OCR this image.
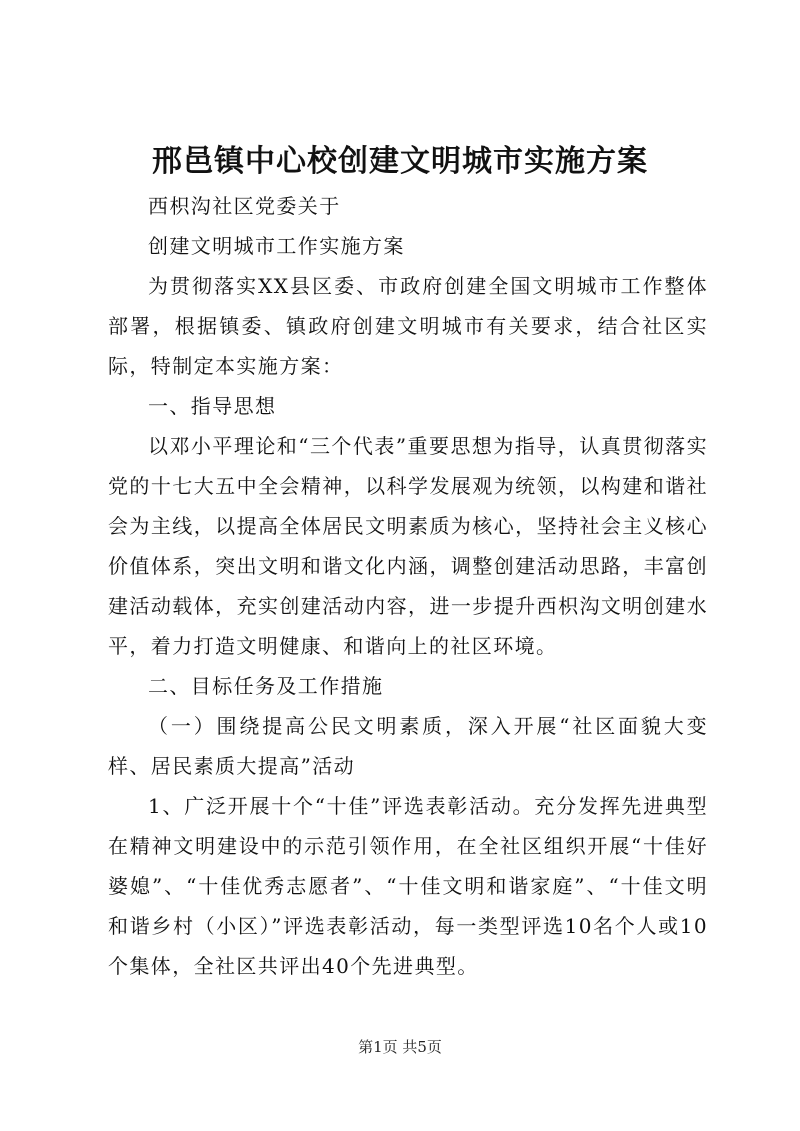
邢邑镇中心校创建文明城市实施方案

西枳沟社区党委关于

创建文明城市工作实施方案

为贯彻落实XX县区委、市政府创建全国文明城市工作整体部署，根据镇委、镇政府创建文明城市有关要求，结合社区实际，特制定本实施方案：

一、指导思想

以邓小平理论和“三个代表”重要思想为指导，认真贯彻落实党的十七大五中全会精神，以科学发展观为统领，以构建和谐社会为主线，以提高全体居民文明素质为核心，坚持社会主义核心价值体系，突出文明和谐文化内涵，调整创建活动思路，丰富创建活动载体，充实创建活动内容，进一步提升西枳沟文明创建水平，着力打造文明健康、和谐向上的社区环境。

二、目标任务及工作措施

（一）围绕提高公民文明素质，深入开展“社区面貌大变样、居民素质大提高”活动

1、广泛开展十个“十佳”评选表彰活动。充分发挥先进典型在精神文明建设中的示范引领作用，在全社区组织开展“十佳好婆媳”、“十佳优秀志愿者”、“十佳文明和谐家庭”、“十佳文明和谐乡村（小区）”评选表彰活动，每一类型评选10名个人或10个集体，全社区共评出40个先进典型。

第1页 共5页
